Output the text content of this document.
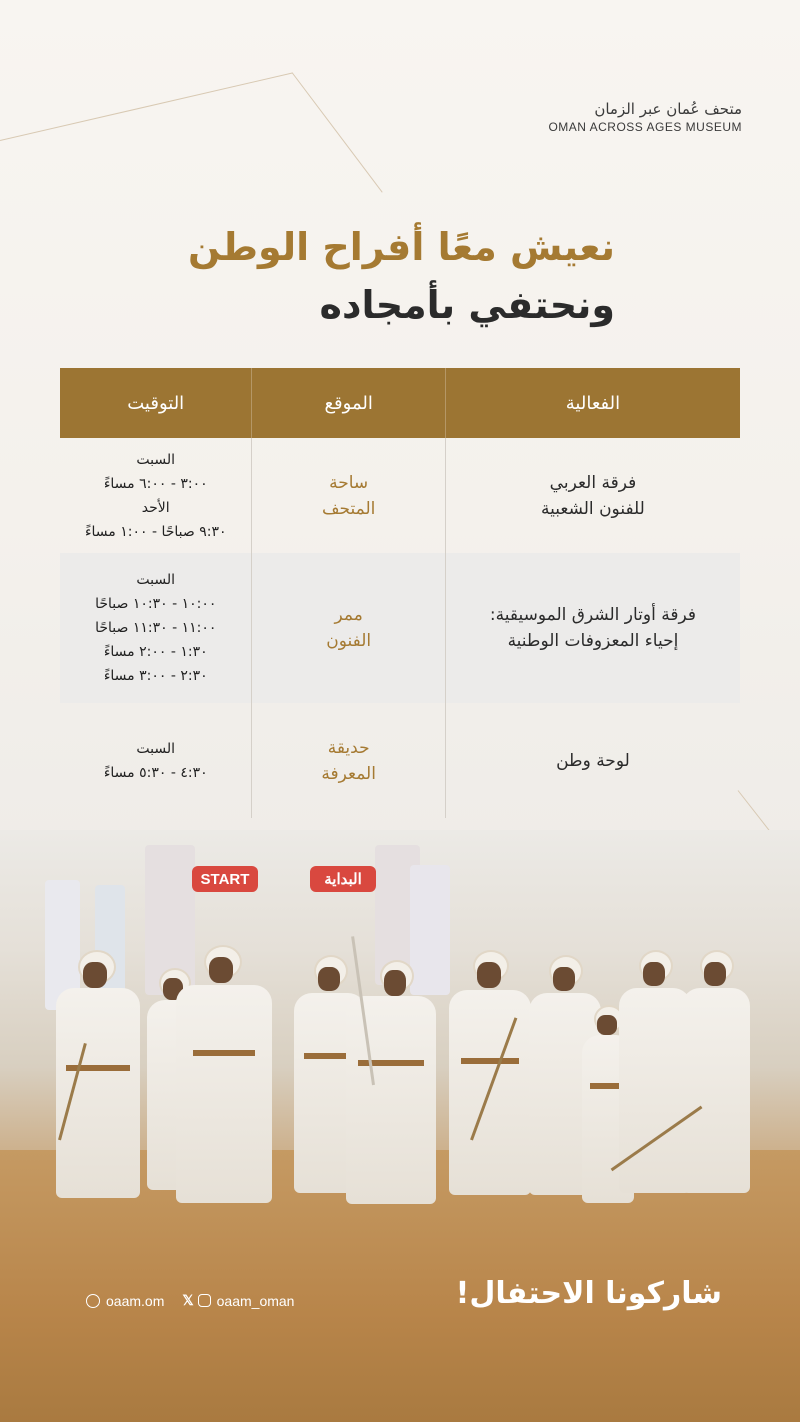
متحف عُمان عبر الزمان
OMAN ACROSS AGES MUSEUM
نعيش معًا أفراح الوطن
ونحتفي بأمجاده
الفعالية
الموقع
التوقيت
فرقة العربي
للفنون الشعبية
ساحة
المتحف
السبت
٣:٠٠ - ٦:٠٠ مساءً
الأحد
٩:٣٠ صباحًا - ١:٠٠ مساءً
فرقة أوتار الشرق الموسيقية:
إحياء المعزوفات الوطنية
ممر
الفنون
السبت
١٠:٠٠ - ١٠:٣٠ صباحًا
١١:٠٠ - ١١:٣٠ صباحًا
١:٣٠ - ٢:٠٠ مساءً
٢:٣٠ - ٣:٠٠ مساءً
لوحة وطن
حديقة
المعرفة
السبت
٤:٣٠ - ٥:٣٠ مساءً
START	البداية
oaam.om 𝕏 oaam_oman	شاركونا الاحتفال!
